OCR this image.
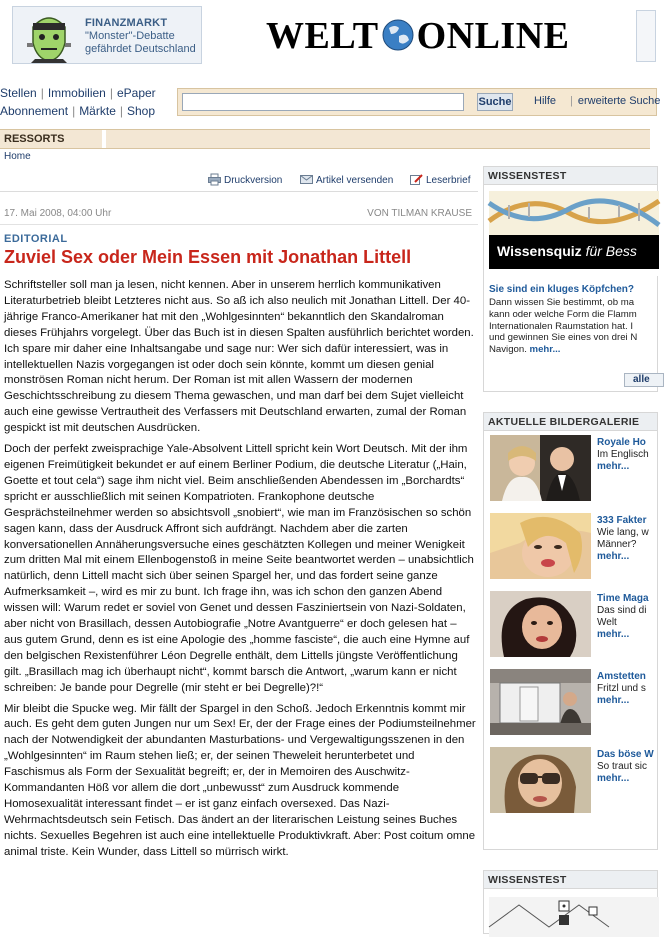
FINANZMARKT
"Monster"-Debatte
gefährdet Deutschland WELT ONLINE
Stellen | Immobilien | ePaper
Abonnement | Märkte | Shop
Suche Hilfe
|	erweiterte Suche
RESSORTS
Home
Druckversion	Artikel versenden	Leserbrief
17. Mai 2008, 04:00 Uhr	VON TILMAN KRAUSE
EDITORIAL
Zuviel Sex oder Mein Essen mit Jonathan Littell

Schriftsteller soll man ja lesen, nicht kennen. Aber in unserem herrlich kommunikativen Literaturbetrieb bleibt Letzteres nicht aus. So aß ich also neulich mit Jonathan Littell. Der 40-jährige Franco-Amerikaner hat mit den „Wohlgesinnten“ bekanntlich den Skandalroman dieses Frühjahrs vorgelegt. Über das Buch ist in diesen Spalten ausführlich berichtet worden. Ich spare mir daher eine Inhaltsangabe und sage nur: Wer sich dafür interessiert, was in intellektuellen Nazis vorgegangen ist oder doch sein könnte, kommt um diesen genial monströsen Roman nicht herum. Der Roman ist mit allen Wassern der modernen Geschichtsschreibung zu diesem Thema gewaschen, und man darf bei dem Sujet vielleicht auch eine gewisse Vertrautheit des Verfassers mit Deutschland erwarten, zumal der Roman gespickt ist mit deutschen Ausdrücken.

Doch der perfekt zweisprachige Yale-Absolvent Littell spricht kein Wort Deutsch. Mit der ihm eigenen Freimütigkeit bekundet er auf einem Berliner Podium, die deutsche Literatur („Hain, Goette et tout cela“) sage ihm nicht viel. Beim anschließenden Abendessen im „Borchardts“ spricht er ausschließlich mit seinen Kompatrioten. Frankophone deutsche Gesprächsteilnehmer werden so absichtsvoll „snobiert“, wie man im Französischen so schön sagen kann, dass der Ausdruck Affront sich aufdrängt. Nachdem aber die zarten konversationellen Annäherungsversuche eines geschätzten Kollegen und meiner Wenigkeit zum dritten Mal mit einem Ellenbogenstoß in meine Seite beantwortet werden – unabsichtlich natürlich, denn Littell macht sich über seinen Spargel her, und das fordert seine ganze Aufmerksamkeit –, wird es mir zu bunt. Ich frage ihn, was ich schon den ganzen Abend wissen will: Warum redet er soviel von Genet und dessen Fasziniertsein von Nazi-Soldaten, aber nicht von Brasillach, dessen Autobiografie „Notre Avantguerre“ er doch gelesen hat – aus gutem Grund, denn es ist eine Apologie des „homme fasciste“, die auch eine Hymne auf den belgischen Rexistenführer Léon Degrelle enthält, dem Littells jüngste Veröffentlichung gilt. „Brasillach mag ich überhaupt nicht“, kommt barsch die Antwort, „warum kann er nicht schreiben: Je bande pour Degrelle (mir steht er bei Degrelle)?!“

Mir bleibt die Spucke weg. Mir fällt der Spargel in den Schoß. Jedoch Erkenntnis kommt mir auch. Es geht dem guten Jungen nur um Sex! Er, der der Frage eines der Podiumsteilnehmer nach der Notwendigkeit der abundanten Masturbations- und Vergewaltigungsszenen in den „Wohlgesinnten“ im Raum stehen ließ; er, der seinen Theweleit herunterbetet und Faschismus als Form der Sexualität begreift; er, der in Memoiren des Auschwitz-Kommandanten Höß vor allem die dort „unbewusst“ zum Ausdruck kommende Homosexualität interessant findet – er ist ganz einfach oversexed. Das Nazi-Wehrmachtsdeutsch sein Fetisch. Das ändert an der literarischen Leistung seines Buches nichts. Sexuelles Begehren ist auch eine intellektuelle Produktivkraft. Aber: Post coitum omne animal triste. Kein Wunder, dass Littell so mürrisch wirkt.

WISSENSTEST
Wissensquiz für Bess
Sie sind ein kluges Köpfchen?
Dann wissen Sie bestimmt, ob ma
kann oder welche Form die Flamm
Internationalen Raumstation hat. I
und gewinnen Sie eines von drei N
Navigon. mehr...
alle
AKTUELLE BILDERGALERIE
Royale Ho
Im Englisch
mehr...
333 Fakter
Wie lang, w
Männer?
mehr...
Time Maga
Das sind di
Welt
mehr...
Amstetten
Fritzl und s
mehr...
Das böse W
So traut sic
mehr...
WISSENSTEST
